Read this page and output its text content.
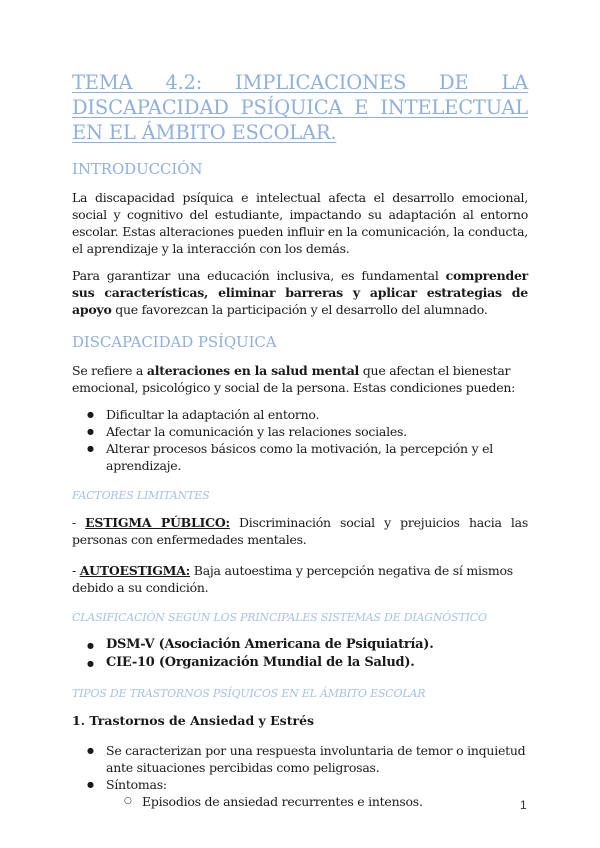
TEMA 4.2: IMPLICACIONES DE LA DISCAPACIDAD PSÍQUICA E INTELECTUAL EN EL ÁMBITO ESCOLAR.
INTRODUCCIÓN

La discapacidad psíquica e intelectual afecta el desarrollo emocional, social y cognitivo del estudiante, impactando su adaptación al entorno escolar. Estas alteraciones pueden influir en la comunicación, la conducta, el aprendizaje y la interacción con los demás.

Para garantizar una educación inclusiva, es fundamental comprender sus características, eliminar barreras y aplicar estrategias de apoyo que favorezcan la participación y el desarrollo del alumnado.

DISCAPACIDAD PSÍQUICA

Se refiere a alteraciones en la salud mental que afectan el bienestar emocional, psicológico y social de la persona. Estas condiciones pueden:

● Dificultar la adaptación al entorno.
● Afectar la comunicación y las relaciones sociales.
● Alterar procesos básicos como la motivación, la percepción y el aprendizaje.
FACTORES LIMITANTES

- ESTIGMA PÚBLICO: Discriminación social y prejuicios hacia las personas con enfermedades mentales.

- AUTOESTIGMA: Baja autoestima y percepción negativa de sí mismos debido a su condición.

CLASIFICACIÓN SEGÚN LOS PRINCIPALES SISTEMAS DE DIAGNÓSTICO
● DSM-V (Asociación Americana de Psiquiatría).
● CIE-10 (Organización Mundial de la Salud).
TIPOS DE TRASTORNOS PSÍQUICOS EN EL ÁMBITO ESCOLAR
1. Trastornos de Ansiedad y Estrés
● Se caracterizan por una respuesta involuntaria de temor o inquietud ante situaciones percibidas como peligrosas.
● Síntomas:
○ Episodios de ansiedad recurrentes e intensos.	1
